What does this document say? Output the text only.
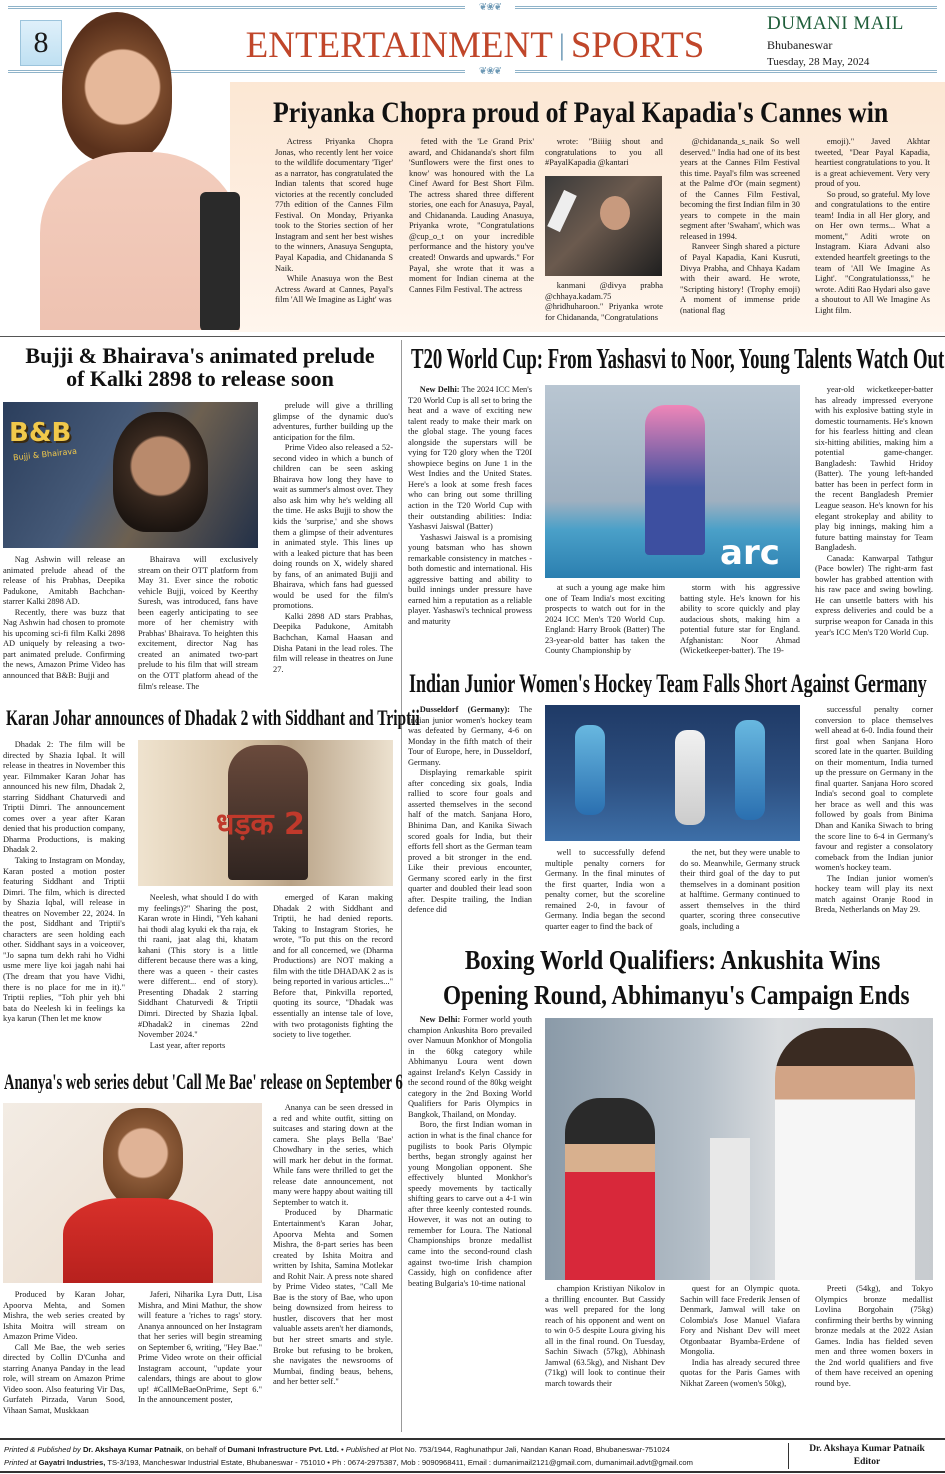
❦❀❦
❦❀❦
8	ENTERTAINMENT | SPORTS
DUMANI MAIL
Bhubaneswar
Tuesday, 28 May, 2024
Priyanka Chopra proud of Payal Kapadia's Cannes win

Actress Priyanka Chopra Jonas, who recently lent her voice to the wildlife documentary 'Tiger' as a narrator, has congratulated the Indian talents that scored huge victories at the recently concluded 77th edition of the Cannes Film Festival. On Monday, Priyanka took to the Stories section of her Instagram and sent her best wishes to the winners, Anasuya Sengupta, Payal Kapadia, and Chidananda S Naik.

While Anasuya won the Best Actress Award at Cannes, Payal's film 'All We Imagine as Light' was

feted with the 'Le Grand Prix' award, and Chidananda's short film 'Sunflowers were the first ones to know' was honoured with the La Cinef Award for Best Short Film. The actress shared three different stories, one each for Anasuya, Payal, and Chidananda. Lauding Anasuya, Priyanka wrote, "Congratulations @cup_o_t on your incredible performance and the history you've created! Onwards and upwards." For Payal, she wrote that it was a moment for Indian cinema at the Cannes Film Festival. The actress

wrote: "Biiiig shout and congratulations to you all #PayalKapadia @kantari

kanmani @divya prabha @chhaya.kadam.75 @hridhuharoon." Priyanka wrote for Chidananda, "Congratulations

@chidananda_s_naik So well deserved." India had one of its best years at the Cannes Film Festival this time. Payal's film was screened at the Palme d'Or (main segment) of the Cannes Film Festival, becoming the first Indian film in 30 years to compete in the main segment after 'Swaham', which was released in 1994.

Ranveer Singh shared a picture of Payal Kapadia, Kani Kusruti, Divya Prabha, and Chhaya Kadam with their award. He wrote, "Scripting history! (Trophy emoji) A moment of immense pride (national flag

emoji)." Javed Akhtar tweeted, "Dear Payal Kapadia, heartiest congratulations to you. It is a great achievement. Very very proud of you.

So proud, so grateful. My love and congratulations to the entire team! India in all Her glory, and on Her own terms... What a moment," Aditi wrote on Instagram. Kiara Advani also extended heartfelt greetings to the team of 'All We Imagine As Light'. "Congratulationsss," he wrote. Aditi Rao Hydari also gave a shoutout to All We Imagine As Light film.

Bujji & Bhairava's animated prelude
of Kalki 2898 to release soon
B&B
Bujji & Bhairava

Nag Ashwin will release an animated prelude ahead of the release of his Prabhas, Deepika Padukone, Amitabh Bachchan-starrer Kalki 2898 AD.

Recently, there was buzz that Nag Ashwin had chosen to promote his upcoming sci-fi film Kalki 2898 AD uniquely by releasing a two-part animated prelude. Confirming the news, Amazon Prime Video has announced that B&B: Bujji and

Bhairava will exclusively stream on their OTT platform from May 31. Ever since the robotic vehicle Bujji, voiced by Keerthy Suresh, was introduced, fans have been eagerly anticipating to see more of her chemistry with Prabhas' Bhairava. To heighten this excitement, director Nag has created an animated two-part prelude to his film that will stream on the OTT platform ahead of the film's release. The

prelude will give a thrilling glimpse of the dynamic duo's adventures, further building up the anticipation for the film.

Prime Video also released a 52-second video in which a bunch of children can be seen asking Bhairava how long they have to wait as summer's almost over. They also ask him why he's welding all the time. He asks Bujji to show the kids the 'surprise,' and she shows them a glimpse of their adventures in animated style. This lines up with a leaked picture that has been doing rounds on X, widely shared by fans, of an animated Bujji and Bhairava, which fans had guessed would be used for the film's promotions.

Kalki 2898 AD stars Prabhas, Deepika Padukone, Amitabh Bachchan, Kamal Haasan and Disha Patani in the lead roles. The film will release in theatres on June 27.

Karan Johar announces of Dhadak 2 with Siddhant and Triptii

Dhadak 2: The film will be directed by Shazia Iqbal. It will release in theatres in November this year. Filmmaker Karan Johar has announced his new film, Dhadak 2, starring Siddhant Chaturvedi and Triptii Dimri. The announcement comes over a year after Karan denied that his production company, Dharma Productions, is making Dhadak 2.

Taking to Instagram on Monday, Karan posted a motion poster featuring Siddhant and Triptii Dimri. The film, which is directed by Shazia Iqbal, will release in theatres on November 22, 2024. In the post, Siddhant and Triptii's characters are seen holding each other. Siddhant says in a voiceover, "Jo sapna tum dekh rahi ho Vidhi usme mere liye koi jagah nahi hai (The dream that you have Vidhi, there is no place for me in it)." Triptii replies, "Toh phir yeh bhi bata do Neelesh ki in feelings ka kya karun (Then let me know

धड़क 2

Neelesh, what should I do with my feelings)?" Sharing the post, Karan wrote in Hindi, "Yeh kahani hai thodi alag kyuki ek tha raja, ek thi raani, jaat alag thi, khatam kahani (This story is a little different because there was a king, there was a queen - their castes were different... end of story). Presenting Dhadak 2 starring Siddhant Chaturvedi & Triptii Dimri. Directed by Shazia Iqbal. #Dhadak2 in cinemas 22nd November 2024."

Last year, after reports

emerged of Karan making Dhadak 2 with Siddhant and Triptii, he had denied reports. Taking to Instagram Stories, he wrote, "To put this on the record and for all concerned, we (Dharma Productions) are NOT making a film with the title DHADAK 2 as is being reported in various articles..." Before that, Pinkvilla reported, quoting its source, "Dhadak was essentially an intense tale of love, with two protagonists fighting the society to live together.

Ananya's web series debut 'Call Me Bae' release on September 6

Produced by Karan Johar, Apoorva Mehta, and Somen Mishra, the web series created by Ishita Moitra will stream on Amazon Prime Video.

Call Me Bae, the web series directed by Collin D'Cunha and starring Ananya Panday in the lead role, will stream on Amazon Prime Video soon. Also featuring Vir Das, Gurfateh Pirzada, Varun Sood, Vihaan Samat, Muskkaan

Jaferi, Niharika Lyra Dutt, Lisa Mishra, and Mini Mathur, the show will feature a 'riches to rags' story. Ananya announced on her Instagram that her series will begin streaming on September 6, writing, "Hey Bae." Prime Video wrote on their official Instagram account, "update your calendars, things are about to glow up! #CallMeBaeOnPrime, Sept 6." In the announcement poster,

Ananya can be seen dressed in a red and white outfit, sitting on suitcases and staring down at the camera. She plays Bella 'Bae' Chowdhary in the series, which will mark her debut in the format. While fans were thrilled to get the release date announcement, not many were happy about waiting till September to watch it.

Produced by Dharmatic Entertainment's Karan Johar, Apoorva Mehta and Somen Mishra, the 8-part series has been created by Ishita Moitra and written by Ishita, Samina Motlekar and Rohit Nair. A press note shared by Prime Video states, "Call Me Bae is the story of Bae, who upon being downsized from heiress to hustler, discovers that her most valuable assets aren't her diamonds, but her street smarts and style. Broke but refusing to be broken, she navigates the newsrooms of Mumbai, finding beaus, behens, and her better self."

T20 World Cup: From Yashasvi to Noor, Young Talents Watch Out

New Delhi: The 2024 ICC Men's T20 World Cup is all set to bring the heat and a wave of exciting new talent ready to make their mark on the global stage. The young faces alongside the superstars will be vying for T20 glory when the T20I showpiece begins on June 1 in the West Indies and the United States. Here's a look at some fresh faces who can bring out some thrilling action in the T20 World Cup with their outstanding abilities: India: Yashasvi Jaiswal (Batter)

Yashaswi Jaiswal is a promising young batsman who has shown remarkable consistency in matches - both domestic and international. His aggressive batting and ability to build innings under pressure have earned him a reputation as a reliable player. Yashaswi's technical prowess and maturity

arc

at such a young age make him one of Team India's most exciting prospects to watch out for in the 2024 ICC Men's T20 World Cup. England: Harry Brook (Batter) The 23-year-old batter has taken the County Championship by

storm with his aggressive batting style. He's known for his ability to score quickly and play audacious shots, making him a potential future star for England. Afghanistan: Noor Ahmad (Wicketkeeper-batter). The 19-

year-old wicketkeeper-batter has already impressed everyone with his explosive batting style in domestic tournaments. He's known for his fearless hitting and clean six-hitting abilities, making him a potential game-changer. Bangladesh: Tawhid Hridoy (Batter). The young left-handed batter has been in perfect form in the recent Bangladesh Premier League season. He's known for his elegant strokeplay and ability to play big innings, making him a future batting mainstay for Team Bangladesh.

Canada: Kanwarpal Tathgur (Pace bowler) The right-arm fast bowler has grabbed attention with his raw pace and swing bowling. He can unsettle batters with his express deliveries and could be a surprise weapon for Canada in this year's ICC Men's T20 World Cup.

Indian Junior Women's Hockey Team Falls Short Against Germany

Dusseldorf (Germany): The Indian junior women's hockey team was defeated by Germany, 4-6 on Monday in the fifth match of their Tour of Europe, here, in Dusseldorf, Germany.

Displaying remarkable spirit after conceding six goals, India rallied to score four goals and asserted themselves in the second half of the match. Sanjana Horo, Bhinima Dan, and Kanika Siwach scored goals for India, but their efforts fell short as the German team proved a bit stronger in the end. Like their previous encounter, Germany scored early in the first quarter and doubled their lead soon after. Despite trailing, the Indian defence did

well to successfully defend multiple penalty corners for Germany. In the final minutes of the first quarter, India won a penalty corner, but the scoreline remained 2-0, in favour of Germany. India began the second quarter eager to find the back of

the net, but they were unable to do so. Meanwhile, Germany struck their third goal of the day to put themselves in a dominant position at halftime. Germany continued to assert themselves in the third quarter, scoring three consecutive goals, including a

successful penalty corner conversion to place themselves well ahead at 6-0. India found their first goal when Sanjana Horo scored late in the quarter. Building on their momentum, India turned up the pressure on Germany in the final quarter. Sanjana Horo scored India's second goal to complete her brace as well and this was followed by goals from Binima Dhan and Kanika Siwach to bring the score line to 6-4 in Germany's favour and register a consolatory comeback from the Indian junior women's hockey team.

The Indian junior women's hockey team will play its next match against Oranje Rood in Breda, Netherlands on May 29.

Boxing World Qualifiers: Ankushita Wins
Opening Round, Abhimanyu's Campaign Ends

New Delhi: Former world youth champion Ankushita Boro prevailed over Namuun Monkhor of Mongolia in the 60kg category while Abhimanyu Loura went down against Ireland's Kelyn Cassidy in the second round of the 80kg weight category in the 2nd Boxing World Qualifiers for Paris Olympics in Bangkok, Thailand, on Monday.

Boro, the first Indian woman in action in what is the final chance for pugilists to book Paris Olympic berths, began strongly against her young Mongolian opponent. She effectively blunted Monkhor's speedy movements by tactically shifting gears to carve out a 4-1 win after three keenly contested rounds. However, it was not an outing to remember for Loura. The National Championships bronze medallist came into the second-round clash against two-time Irish champion Cassidy, high on confidence after beating Bulgaria's 10-time national

champion Kristiyan Nikolov in a thrilling encounter. But Cassidy was well prepared for the long reach of his opponent and went on to win 0-5 despite Loura giving his all in the final round. On Tuesday, Sachin Siwach (57kg), Abhinash Jamwal (63.5kg), and Nishant Dev (71kg) will look to continue their march towards their

quest for an Olympic quota. Sachin will face Frederik Jensen of Denmark, Jamwal will take on Colombia's Jose Manuel Viafara Fory and Nishant Dev will meet Otgonbaatar Byamba-Erdene of Mongolia.

India has already secured three quotas for the Paris Games with Nikhat Zareen (women's 50kg),

Preeti (54kg), and Tokyo Olympics bronze medallist Lovlina Borgohain (75kg) confirming their berths by winning bronze medals at the 2022 Asian Games. India has fielded seven men and three women boxers in the 2nd world qualifiers and five of them have received an opening round bye.

Printed & Published by Dr. Akshaya Kumar Patnaik, on behalf of Dumani Infrastructure Pvt. Ltd. • Published at Plot No. 753/1944, Raghunathpur Jali, Nandan Kanan Road, Bhubaneswar-751024
Printed at Gayatri Industries, TS-3/193, Mancheswar Industrial Estate, Bhubaneswar - 751010 • Ph : 0674-2975387, Mob : 9090968411, Email : dumanimail2121@gmail.com, dumanimail.advt@gmail.com
Dr. Akshaya Kumar Patnaik
Editor
